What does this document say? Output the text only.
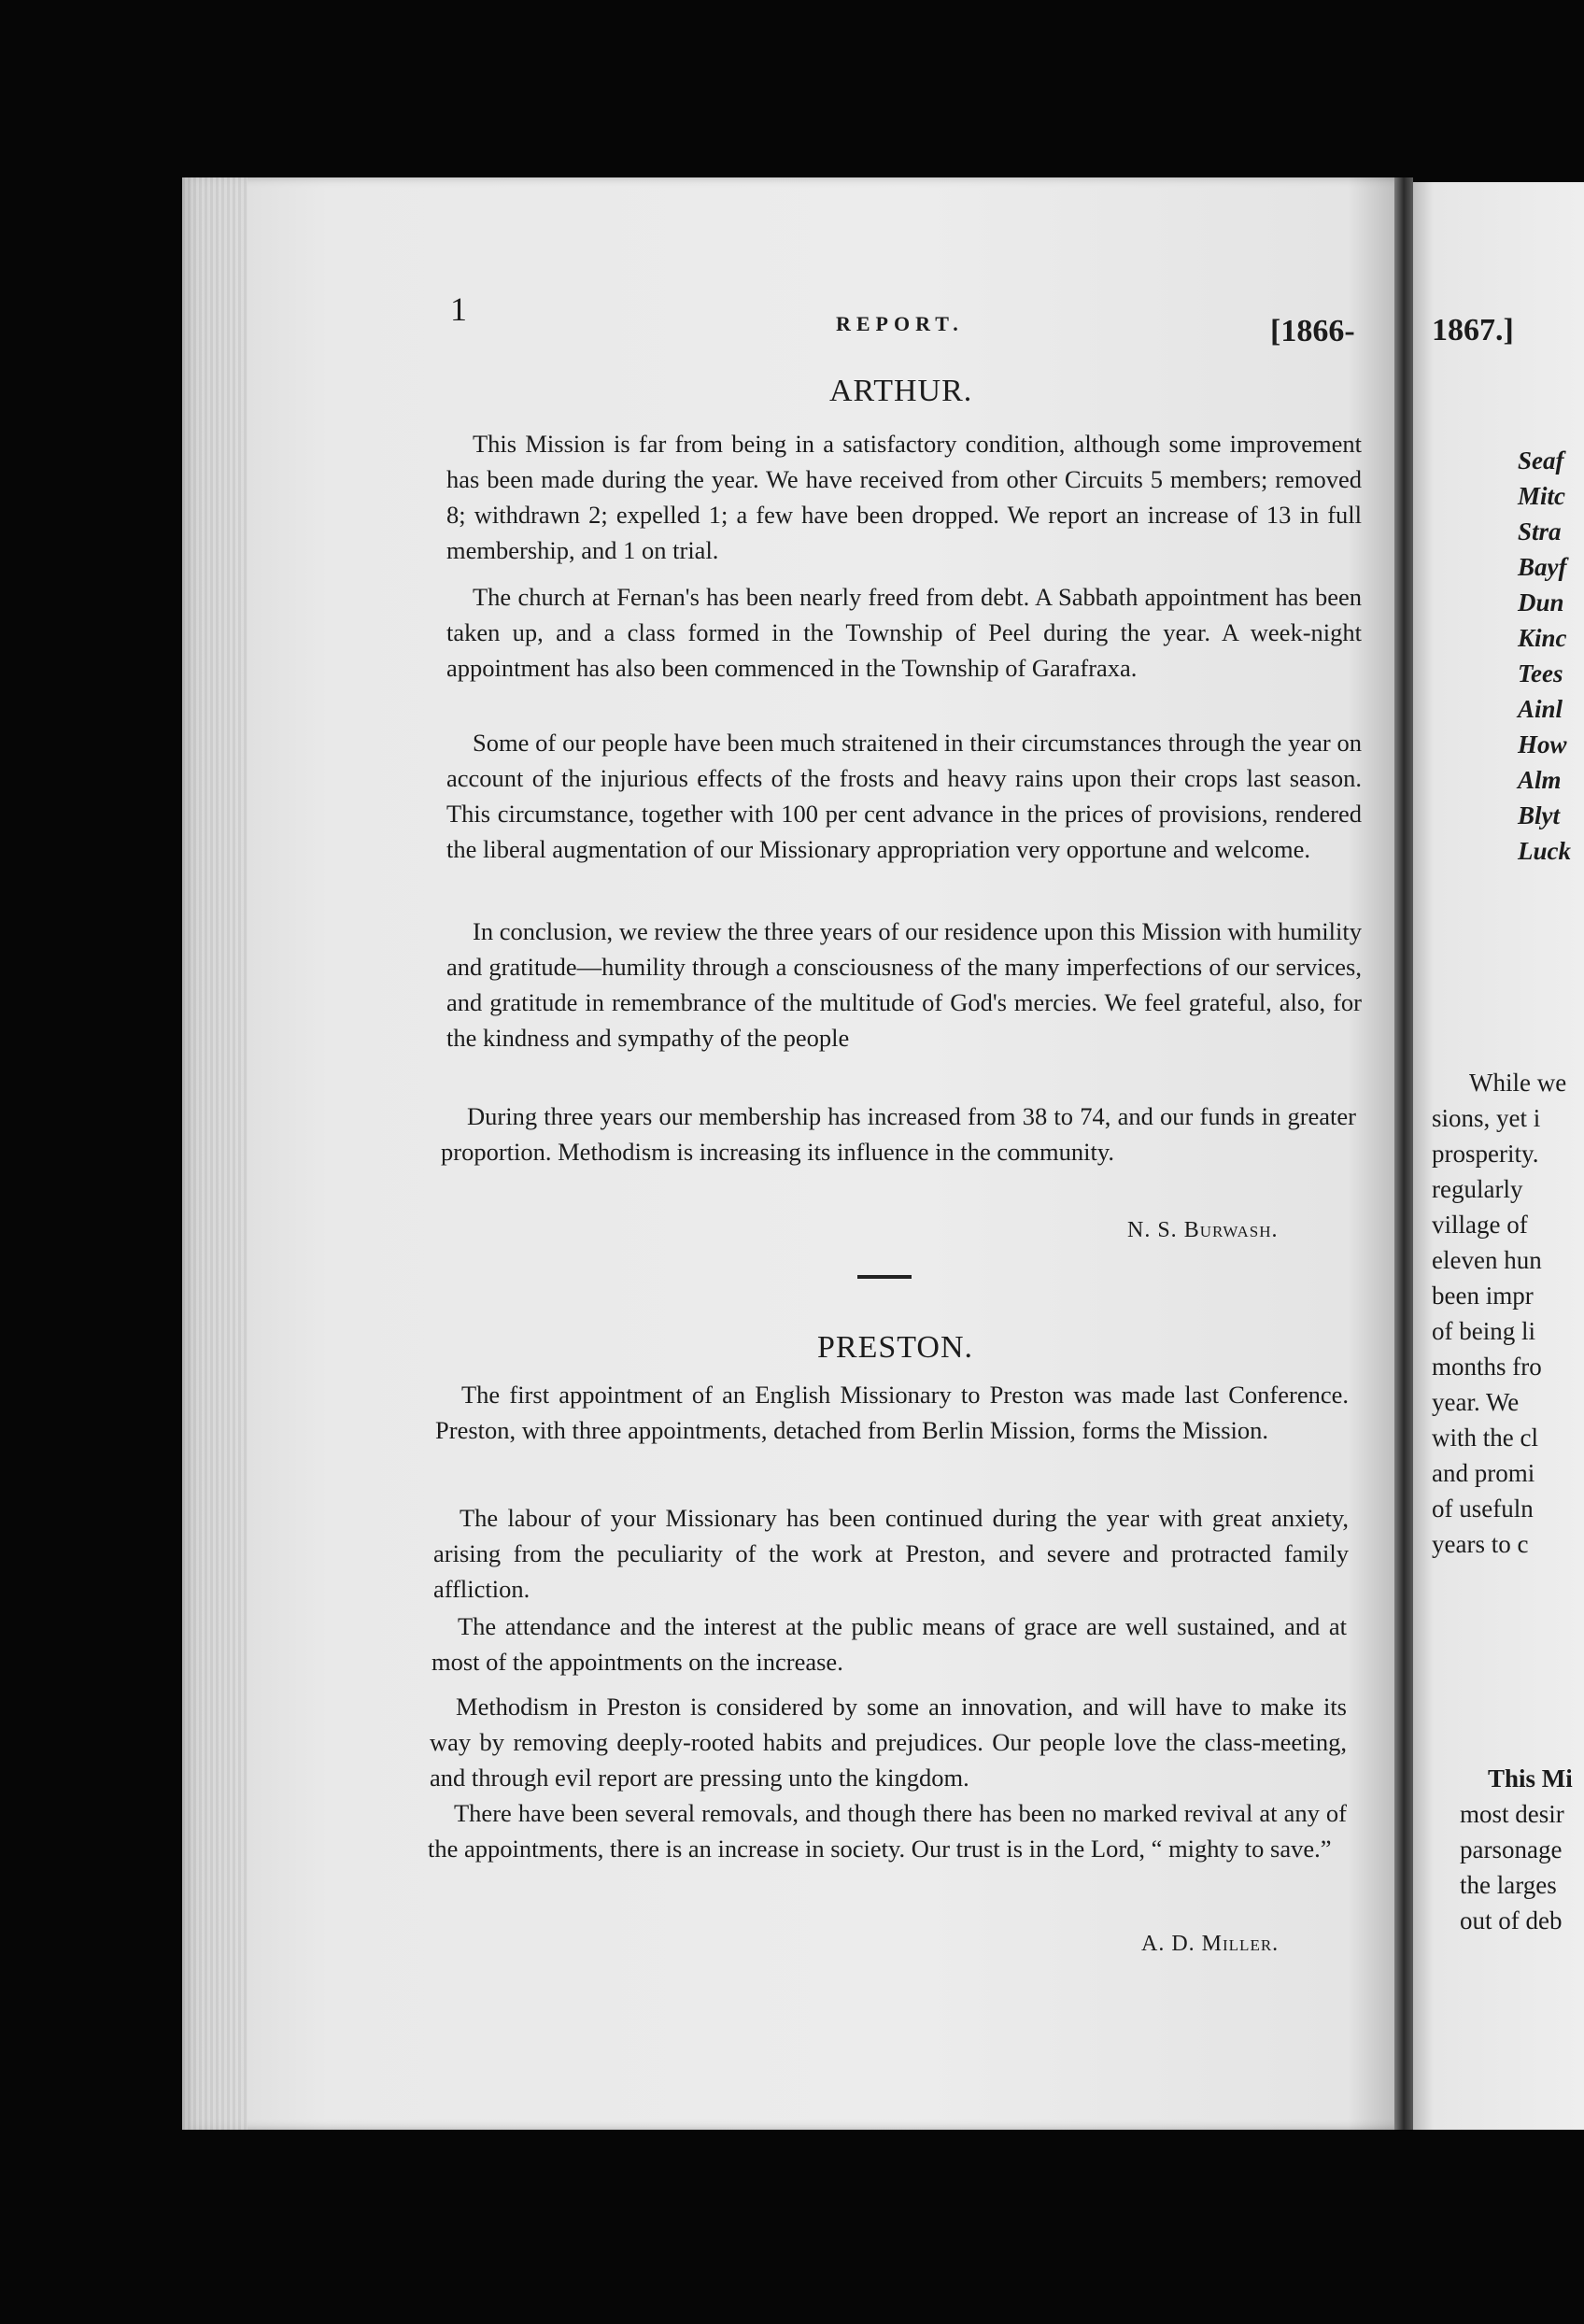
1	REPORT.	[1866-
ARTHUR.
This Mission is far from being in a satisfactory condition, although some improvement has been made during the year. We have received from other Circuits 5 members; removed 8; withdrawn 2; expelled 1; a few have been dropped. We report an increase of 13 in full membership, and 1 on trial.
The church at Fernan's has been nearly freed from debt. A Sabbath appointment has been taken up, and a class formed in the Township of Peel during the year. A week-night appointment has also been commenced in the Township of Garafraxa.
Some of our people have been much straitened in their circumstances through the year on account of the injurious effects of the frosts and heavy rains upon their crops last season. This circumstance, together with 100 per cent advance in the prices of provisions, rendered the liberal augmentation of our Missionary appropriation very opportune and welcome.
In conclusion, we review the three years of our residence upon this Mission with humility and gratitude—humility through a consciousness of the many imperfections of our services, and gratitude in remembrance of the multitude of God's mercies. We feel grateful, also, for the kindness and sympathy of the people
During three years our membership has increased from 38 to 74, and our funds in greater proportion. Methodism is increasing its influence in the community.
N. S. Burwash.
PRESTON.
The first appointment of an English Missionary to Preston was made last Conference. Preston, with three appointments, detached from Berlin Mission, forms the Mission.
The labour of your Missionary has been continued during the year with great anxiety, arising from the peculiarity of the work at Preston, and severe and protracted family affliction.
The attendance and the interest at the public means of grace are well sustained, and at most of the appointments on the increase.
Methodism in Preston is considered by some an innovation, and will have to make its way by removing deeply-rooted habits and prejudices. Our people love the class-meeting, and through evil report are pressing unto the kingdom.
There have been several removals, and though there has been no marked revival at any of the appointments, there is an increase in society. Our trust is in the Lord, “ mighty to save.”
A. D. Miller.
1867.]
Seaf
Mitc
Stra
Bayf
Dun
Kinc
Tees
Ainl
How
Alm
Blyt
Luck
While we
sions, yet i
prosperity.
regularly
village of
eleven hun
been impr
of being li
months fro
year. We
with the cl
and promi
of usefuln
years to c
This Mi
most desir
parsonage
the larges
out of deb
